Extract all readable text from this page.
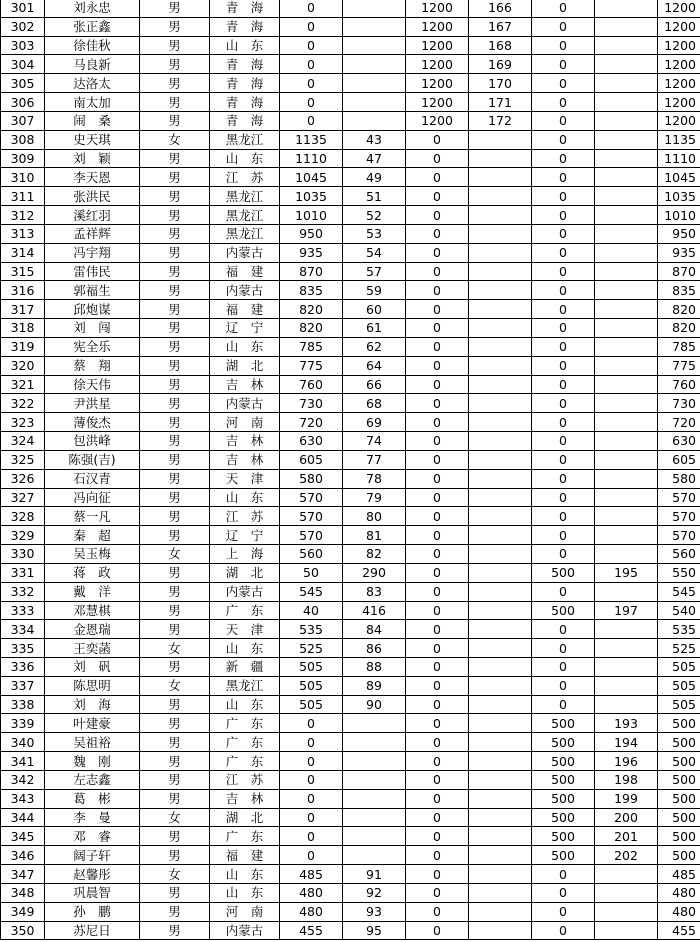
301	刘永忠	男	青　海	0		1200	166	0		1200
302	张正鑫	男	青　海	0		1200	167	0		1200
303	徐佳秋	男	山　东	0		1200	168	0		1200
304	马良新	男	青　海	0		1200	169	0		1200
305	达洛太	男	青　海	0		1200	170	0		1200
306	南太加	男	青　海	0		1200	171	0		1200
307	闹　桑	男	青　海	0		1200	172	0		1200
308	史天琪	女	黑龙江	1135	43	0		0		1135
309	刘　颖	男	山　东	1110	47	0		0		1110
310	李天恩	男	江　苏	1045	49	0		0		1045
311	张洪民	男	黑龙江	1035	51	0		0		1035
312	溪红羽	男	黑龙江	1010	52	0		0		1010
313	孟祥辉	男	黑龙江	950	53	0		0		950
314	冯宇翔	男	内蒙古	935	54	0		0		935
315	雷伟民	男	福　建	870	57	0		0		870
316	郭福生	男	内蒙古	835	59	0		0		835
317	邱炮谋	男	福　建	820	60	0		0		820
318	刘　闯	男	辽　宁	820	61	0		0		820
319	宪全乐	男	山　东	785	62	0		0		785
320	蔡　翔	男	湖　北	775	64	0		0		775
321	徐天伟	男	吉　林	760	66	0		0		760
322	尹洪星	男	内蒙古	730	68	0		0		730
323	薄俊杰	男	河　南	720	69	0		0		720
324	包洪峰	男	吉　林	630	74	0		0		630
325	陈强(吉)	男	吉　林	605	77	0		0		605
326	石汉青	男	天　津	580	78	0		0		580
327	冯向征	男	山　东	570	79	0		0		570
328	蔡一凡	男	江　苏	570	80	0		0		570
329	秦　超	男	辽　宁	570	81	0		0		570
330	吴玉梅	女	上　海	560	82	0		0		560
331	蒋　政	男	湖　北	50	290	0		500	195	550
332	戴　洋	男	内蒙古	545	83	0		0		545
333	邓慧棋	男	广　东	40	416	0		500	197	540
334	金恩瑞	男	天　津	535	84	0		0		535
335	王奕菡	女	山　东	525	86	0		0		525
336	刘　矾	男	新　疆	505	88	0		0		505
337	陈思明	女	黑龙江	505	89	0		0		505
338	刘　海	男	山　东	505	90	0		0		505
339	叶建豪	男	广　东	0		0		500	193	500
340	吴祖裕	男	广　东	0		0		500	194	500
341	魏　刚	男	广　东	0		0		500	196	500
342	左志鑫	男	江　苏	0		0		500	198	500
343	葛　彬	男	吉　林	0		0		500	199	500
344	李　曼	女	湖　北	0		0		500	200	500
345	邓　睿	男	广　东	0		0		500	201	500
346	阔子轩	男	福　建	0		0		500	202	500
347	赵馨彤	女	山　东	485	91	0		0		485
348	巩晨智	男	山　东	480	92	0		0		480
349	孙　鹏	男	河　南	480	93	0		0		480
350	苏尼日	男	内蒙古	455	95	0		0		455
